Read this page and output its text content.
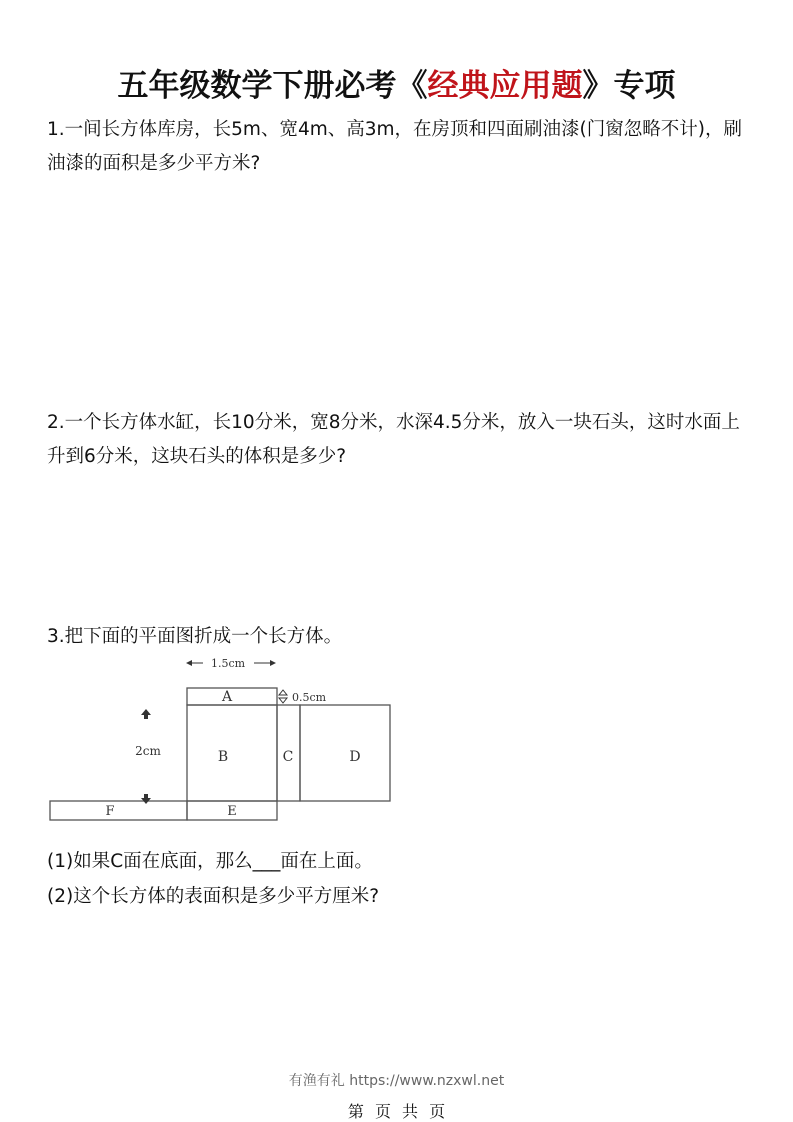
五年级数学下册必考《经典应用题》专项
1.一间长方体库房，长5m、宽4m、高3m，在房顶和四面刷油漆(门窗忽略不计)，刷油漆的面积是多少平方米?
2.一个长方体水缸，长10分米，宽8分米，水深4.5分米，放入一块石头，这时水面上升到6分米，这块石头的体积是多少?
3.把下面的平面图折成一个长方体。
1.5cm
A
B	C	D
E
F
2cm
0.5cm
(1)如果C面在底面，那么___面在上面。
(2)这个长方体的表面积是多少平方厘米?
有渔有礼 https://www.nzxwl.net
第 页 共 页
